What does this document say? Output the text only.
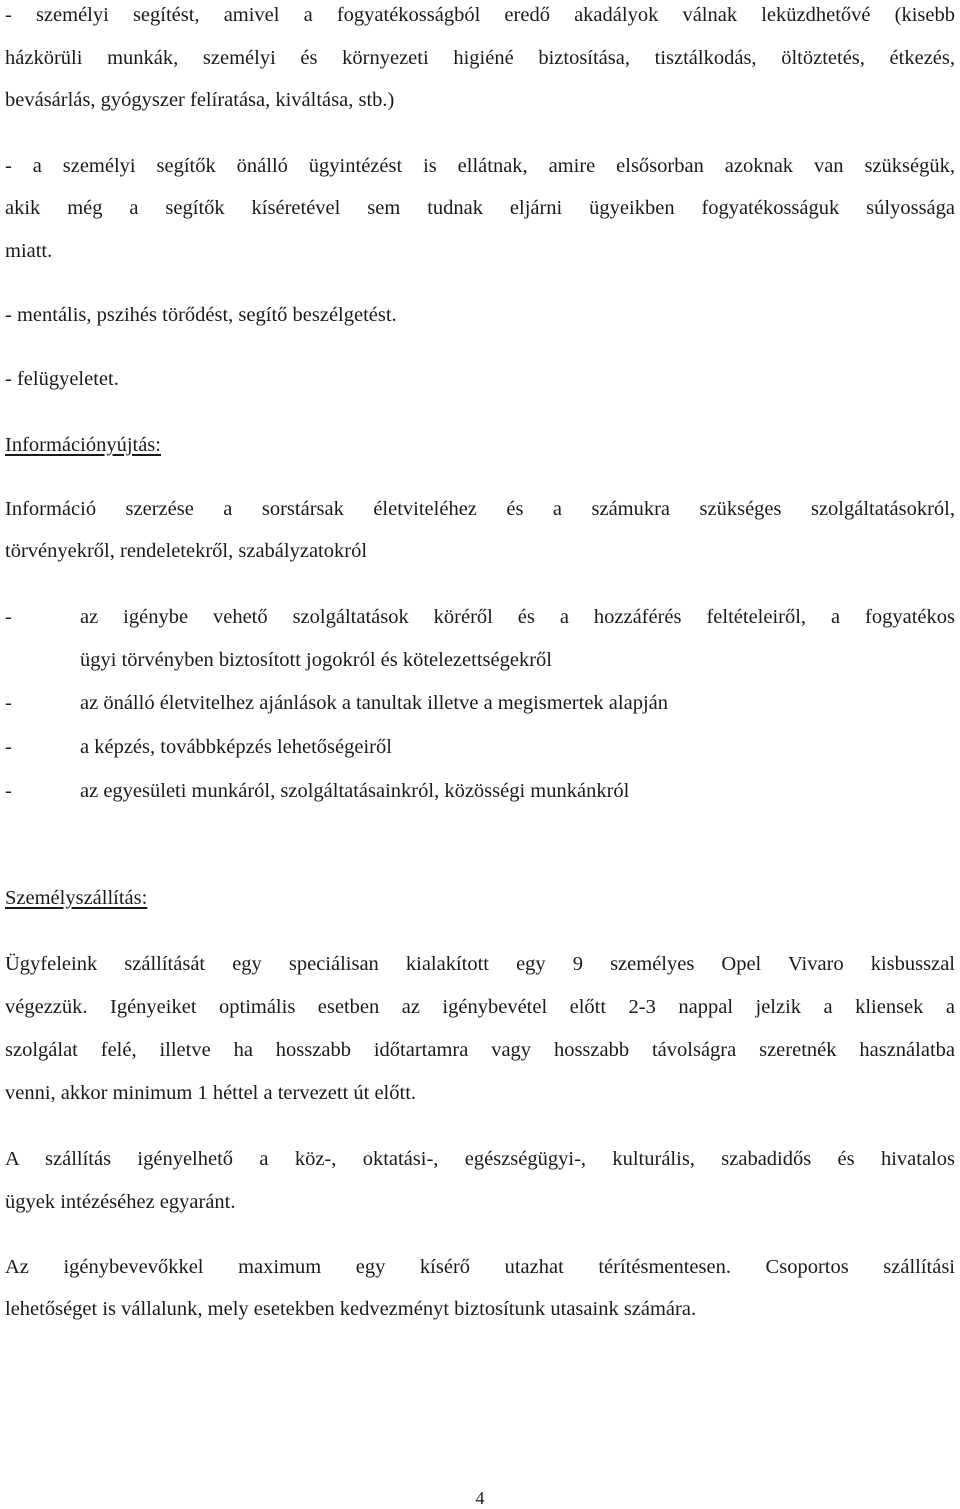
- személyi segítést, amivel a fogyatékosságból eredő akadályok válnak leküzdhetővé (kisebb
házkörüli munkák, személyi és környezeti higiéné biztosítása, tisztálkodás, öltöztetés, étkezés,
bevásárlás, gyógyszer felíratása, kiváltása, stb.)
- a személyi segítők önálló ügyintézést is ellátnak, amire elsősorban azoknak van szükségük,
akik még a segítők kíséretével sem tudnak eljárni ügyeikben fogyatékosságuk súlyossága
miatt.
- mentális, pszihés törődést, segítő beszélgetést.
- felügyeletet.
Információnyújtás:
Információ szerzése a sorstársak életviteléhez és a számukra szükséges szolgáltatásokról,
törvényekről, rendeletekről, szabályzatokról
-	az igénybe vehető szolgáltatások köréről és a hozzáférés feltételeiről, a fogyatékos
ügyi törvényben biztosított jogokról és kötelezettségekről
-	az önálló életvitelhez ajánlások a tanultak illetve a megismertek alapján
-	a képzés, továbbképzés lehetőségeiről
-	az egyesületi munkáról, szolgáltatásainkról, közösségi munkánkról
Személyszállítás:
Ügyfeleink szállítását egy speciálisan kialakított egy 9 személyes Opel Vivaro kisbusszal
végezzük. Igényeiket optimális esetben az igénybevétel előtt 2-3 nappal jelzik a kliensek a
szolgálat felé, illetve ha hosszabb időtartamra vagy hosszabb távolságra szeretnék használatba
venni, akkor minimum 1 héttel a tervezett út előtt.
A szállítás igényelhető a köz-, oktatási-, egészségügyi-, kulturális, szabadidős és hivatalos
ügyek intézéséhez egyaránt.
Az igénybevevőkkel maximum egy kísérő utazhat térítésmentesen. Csoportos szállítási
lehetőséget is vállalunk, mely esetekben kedvezményt biztosítunk utasaink számára.
4
